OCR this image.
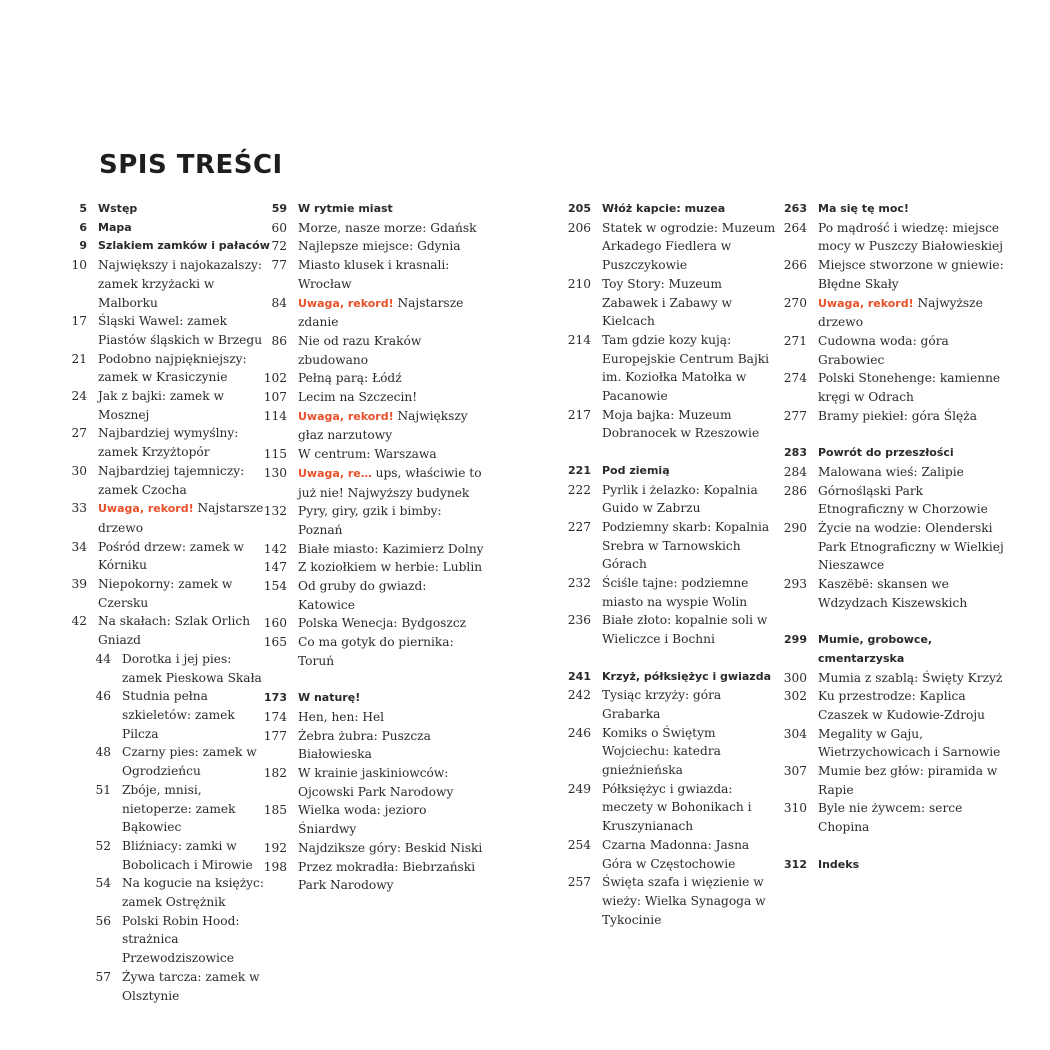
SPIS TREŚCI
5	Wstęp
6	Mapa
9	Szlakiem zamków i pałaców
10 Największy i najokazalszy: zamek krzyżacki w Malborku
17 Śląski Wawel: zamek Piastów śląskich w Brzegu
21 Podobno najpiękniejszy: zamek w Krasiczynie
24 Jak z bajki: zamek w Mosznej
27 Najbardziej wymyślny: zamek Krzyżtopór
30 Najbardziej tajemniczy: zamek Czocha
33	Uwaga, rekord! Najstarsze drzewo
34 Pośród drzew: zamek w Kórniku
39 Niepokorny: zamek w Czersku
42 Na skałach: Szlak Orlich Gniazd
44 Dorotka i jej pies: zamek Pieskowa Skała
46 Studnia pełna szkieletów: zamek Pilcza
48 Czarny pies: zamek w Ogrodzieńcu
51 Zbóje, mnisi, nietoperze: zamek Bąkowiec
52 Bliźniacy: zamki w Bobolicach i Mirowie
54 Na kogucie na księżyc: zamek Ostrężnik
56 Polski Robin Hood: strażnica Przewodziszowice
57 Żywa tarcza: zamek w Olsztynie
59	W rytmie miast
60 Morze, nasze morze: Gdańsk
72 Najlepsze miejsce: Gdynia
77 Miasto klusek i krasnali: Wrocław
84	Uwaga, rekord! Najstarsze zdanie
86 Nie od razu Kraków zbudowano
102 Pełną parą: Łódź
107 Lecim na Szczecin!
114	Uwaga, rekord! Największy głaz narzutowy
115 W centrum: Warszawa
130	Uwaga, re… ups, właściwie to już nie! Najwyższy budynek
132 Pyry, giry, gzik i bimby: Poznań
142 Białe miasto: Kazimierz Dolny
147 Z koziołkiem w herbie: Lublin
154 Od gruby do gwiazd: Katowice
160 Polska Wenecja: Bydgoszcz
165 Co ma gotyk do piernika: Toruń
173	W naturę!
174 Hen, hen: Hel
177 Żebra żubra: Puszcza Białowieska
182 W krainie jaskiniowców: Ojcowski Park Narodowy
185 Wielka woda: jezioro Śniardwy
192 Najdziksze góry: Beskid Niski
198 Przez mokradła: Biebrzański Park Narodowy
205	Włóż kapcie: muzea
206 Statek w ogrodzie: Muzeum Arkadego Fiedlera w Puszczykowie
210 Toy Story: Muzeum Zabawek i Zabawy w Kielcach
214 Tam gdzie kozy kują: Europejskie Centrum Bajki im. Koziołka Matołka w Pacanowie
217 Moja bajka: Muzeum Dobranocek w Rzeszowie
221	Pod ziemią
222 Pyrlik i żelazko: Kopalnia Guido w Zabrzu
227 Podziemny skarb: Kopalnia Srebra w Tarnowskich Górach
232 Ściśle tajne: podziemne miasto na wyspie Wolin
236 Białe złoto: kopalnie soli w Wieliczce i Bochni
241	Krzyż, półksiężyc i gwiazda
242 Tysiąc krzyży: góra Grabarka
246 Komiks o Świętym Wojciechu: katedra gnieźnieńska
249 Półksiężyc i gwiazda: meczety w Bohonikach i Kruszynianach
254 Czarna Madonna: Jasna Góra w Częstochowie
257 Święta szafa i więzienie w wieży: Wielka Synagoga w Tykocinie
263	Ma się tę moc!
264 Po mądrość i wiedzę: miejsce mocy w Puszczy Białowieskiej
266 Miejsce stworzone w gniewie: Błędne Skały
270	Uwaga, rekord! Najwyższe drzewo
271 Cudowna woda: góra Grabowiec
274 Polski Stonehenge: kamienne kręgi w Odrach
277 Bramy piekieł: góra Ślęża
283	Powrót do przeszłości
284 Malowana wieś: Zalipie
286 Górnośląski Park Etnograficzny w Chorzowie
290 Życie na wodzie: Olenderski Park Etnograficzny w Wielkiej Nieszawce
293 Kaszëbë: skansen we Wdzydzach Kiszewskich
299	Mumie, grobowce, cmentarzyska
300 Mumia z szablą: Święty Krzyż
302 Ku przestrodze: Kaplica Czaszek w Kudowie-Zdroju
304 Megality w Gaju, Wietrzychowicach i Sarnowie
307 Mumie bez głów: piramida w Rapie
310 Byle nie żywcem: serce Chopina
312	Indeks
